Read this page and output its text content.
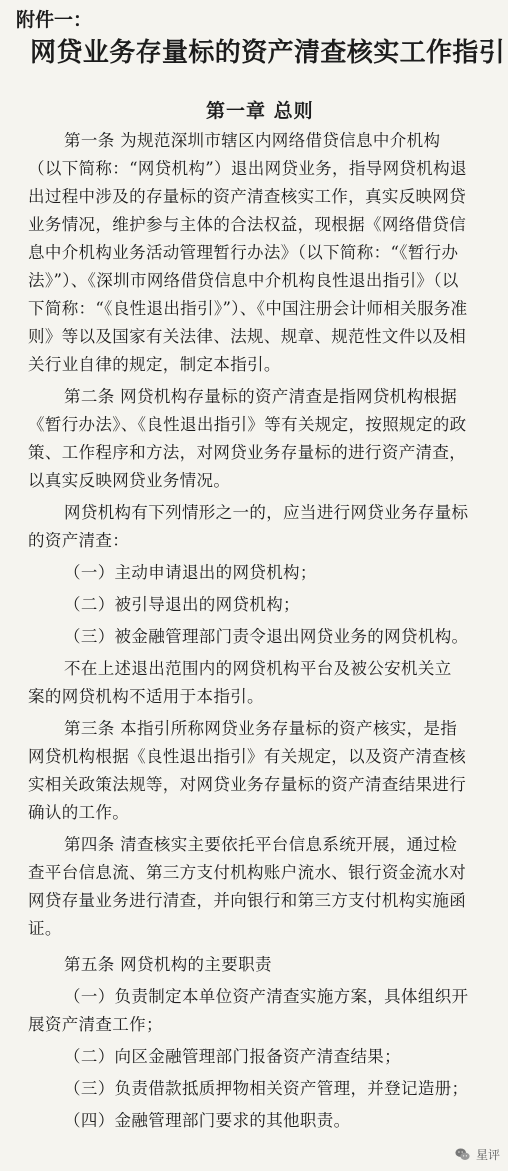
附件一：
网贷业务存量标的资产清查核实工作指引
第一章 总则
第一条 为规范深圳市辖区内网络借贷信息中介机构
（以下简称：“网贷机构”）退出网贷业务，指导网贷机构退
出过程中涉及的存量标的资产清查核实工作，真实反映网贷
业务情况，维护参与主体的合法权益，现根据《网络借贷信
息中介机构业务活动管理暂行办法》（以下简称：“《暂行办
法》”）、《深圳市网络借贷信息中介机构良性退出指引》（以
下简称：“《良性退出指引》”）、《中国注册会计师相关服务准
则》等以及国家有关法律、法规、规章、规范性文件以及相
关行业自律的规定，制定本指引。
第二条 网贷机构存量标的资产清查是指网贷机构根据
《暂行办法》、《良性退出指引》等有关规定，按照规定的政
策、工作程序和方法，对网贷业务存量标的进行资产清查，
以真实反映网贷业务情况。
网贷机构有下列情形之一的，应当进行网贷业务存量标
的资产清查：
（一）主动申请退出的网贷机构；
（二）被引导退出的网贷机构；
（三）被金融管理部门责令退出网贷业务的网贷机构。
不在上述退出范围内的网贷机构平台及被公安机关立
案的网贷机构不适用于本指引。
第三条 本指引所称网贷业务存量标的资产核实，是指
网贷机构根据《良性退出指引》有关规定，以及资产清查核
实相关政策法规等，对网贷业务存量标的资产清查结果进行
确认的工作。
第四条 清查核实主要依托平台信息系统开展，通过检
查平台信息流、第三方支付机构账户流水、银行资金流水对
网贷存量业务进行清查，并向银行和第三方支付机构实施函
证。
第五条 网贷机构的主要职责
（一）负责制定本单位资产清查实施方案，具体组织开
展资产清查工作；
（二）向区金融管理部门报备资产清查结果；
（三）负责借款抵质押物相关资产管理，并登记造册；
（四）金融管理部门要求的其他职责。
星评
